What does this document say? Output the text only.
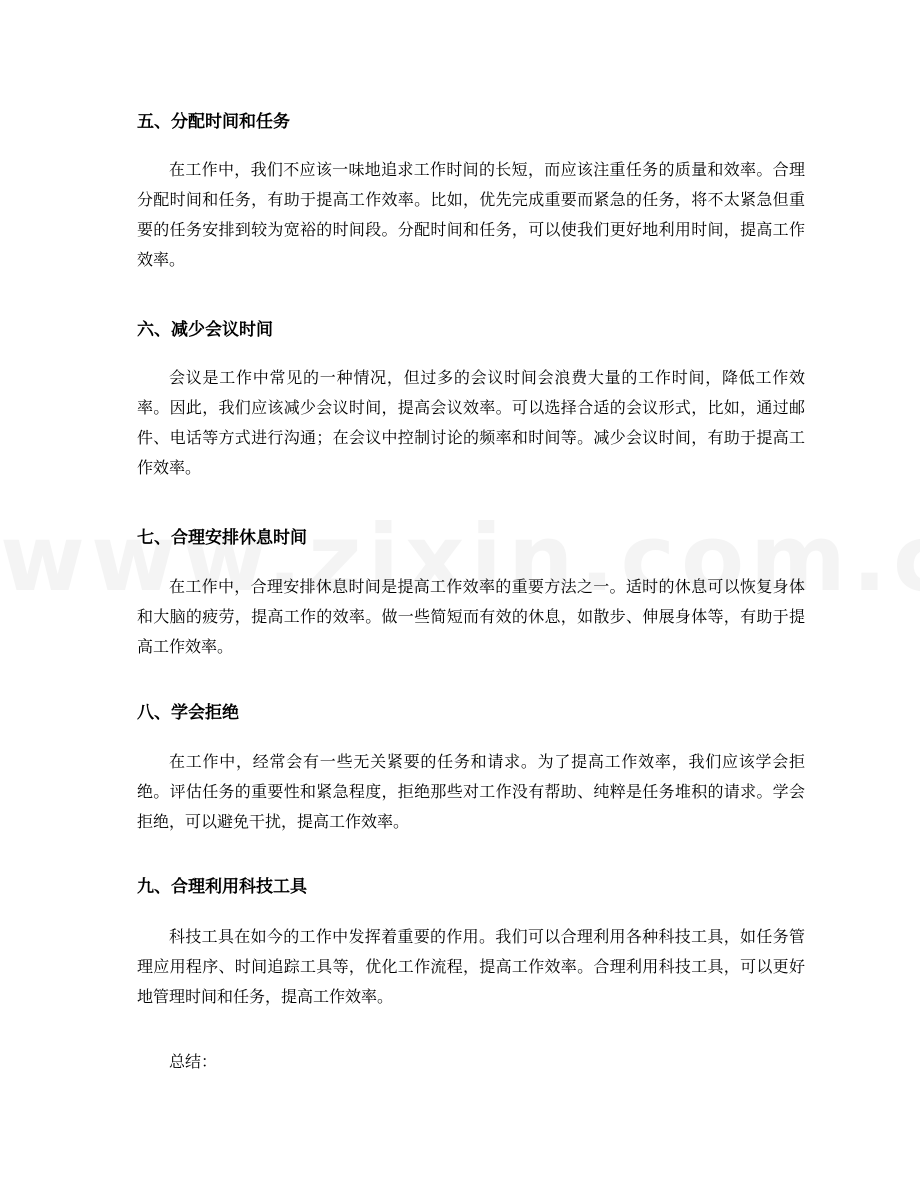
五、分配时间和任务
在工作中，我们不应该一味地追求工作时间的长短，而应该注重任务的质量和效率。合理分配时间和任务，有助于提高工作效率。比如，优先完成重要而紧急的任务，将不太紧急但重要的任务安排到较为宽裕的时间段。分配时间和任务，可以使我们更好地利用时间，提高工作效率。
六、减少会议时间
会议是工作中常见的一种情况，但过多的会议时间会浪费大量的工作时间，降低工作效率。因此，我们应该减少会议时间，提高会议效率。可以选择合适的会议形式，比如，通过邮件、电话等方式进行沟通；在会议中控制讨论的频率和时间等。减少会议时间，有助于提高工作效率。
七、合理安排休息时间
在工作中，合理安排休息时间是提高工作效率的重要方法之一。适时的休息可以恢复身体和大脑的疲劳，提高工作的效率。做一些简短而有效的休息，如散步、伸展身体等，有助于提高工作效率。
八、学会拒绝
在工作中，经常会有一些无关紧要的任务和请求。为了提高工作效率，我们应该学会拒绝。评估任务的重要性和紧急程度，拒绝那些对工作没有帮助、纯粹是任务堆积的请求。学会拒绝，可以避免干扰，提高工作效率。
九、合理利用科技工具
科技工具在如今的工作中发挥着重要的作用。我们可以合理利用各种科技工具，如任务管理应用程序、时间追踪工具等，优化工作流程，提高工作效率。合理利用科技工具，可以更好地管理时间和任务，提高工作效率。
总结：
